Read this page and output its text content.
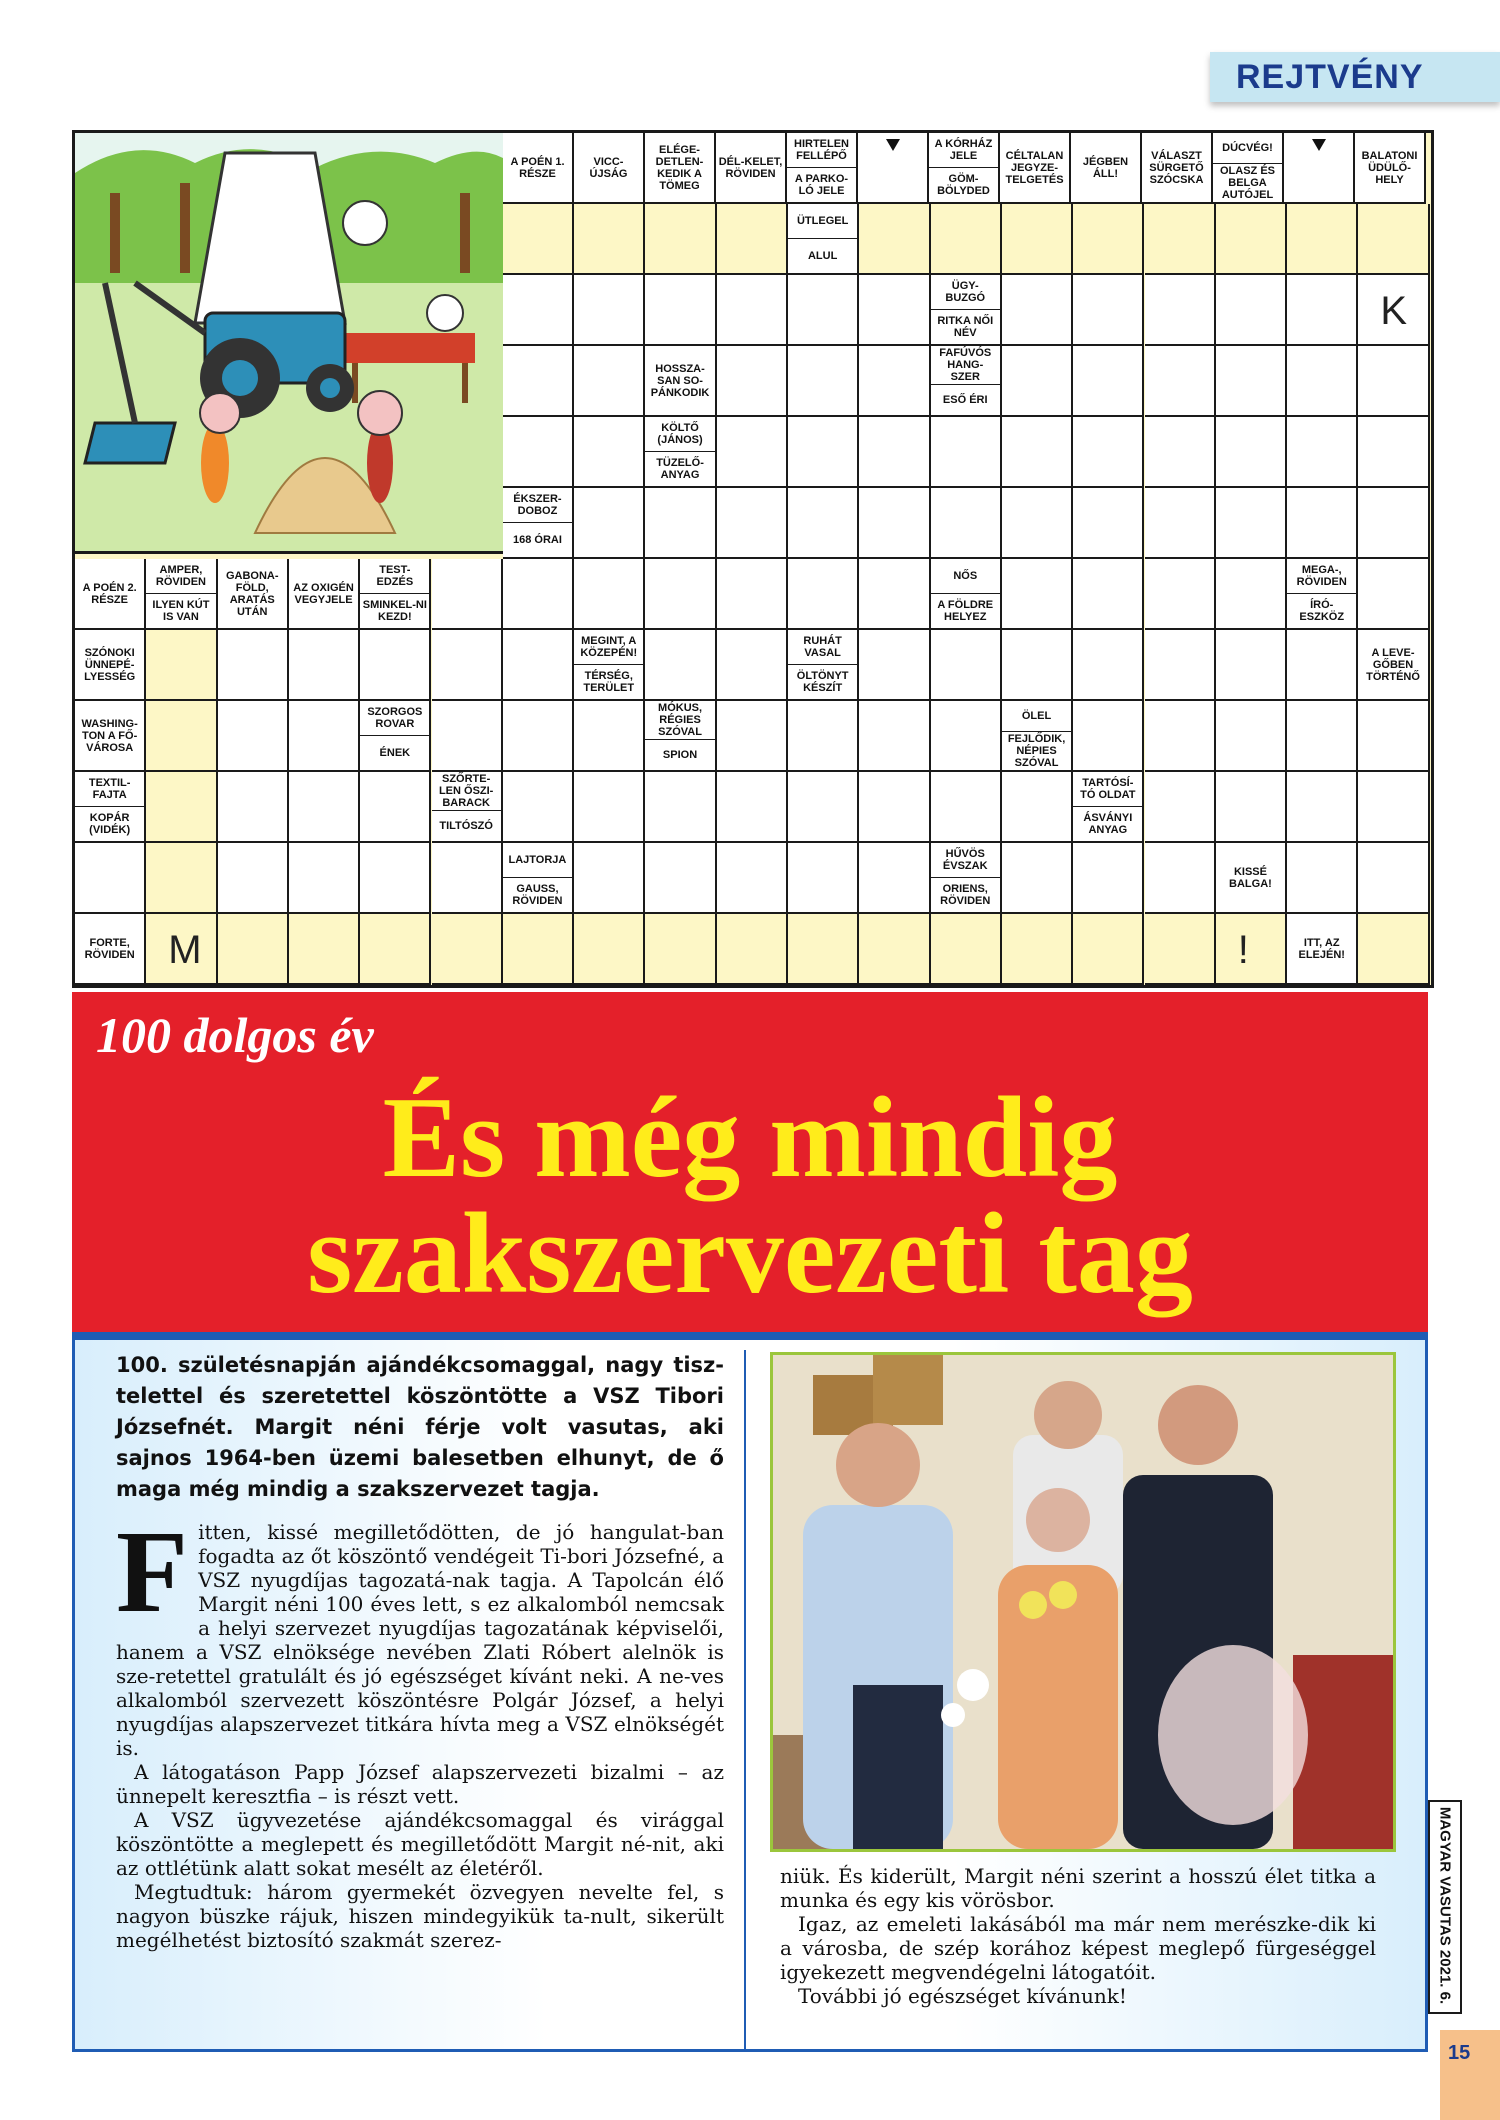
REJTVÉNY
A POÉN 1. RÉSZE
VICC-ÚJSÁG
ELÉGE-DETLEN-KEDIK A TÖMEG
DÉL-KELET, RÖVIDEN
HIRTELEN FELLÉPŐ
A PARKO-LÓ JELE
A KÓRHÁZ JELE
GÖM-BÖLYDED
CÉLTALAN JEGYZE-TELGETÉS
JÉGBEN ÁLL!
VÁLASZT SÜRGETŐ SZÓCSKA
DÚCVÉG!
OLASZ ÉS BELGA AUTÓJEL
BALATONI ÜDÜLŐ-HELY
ÜTLEGEL
ALUL
ÜGY-BUZGÓ
RITKA NŐI NÉV
HOSSZA-SAN SO-PÁNKODIK
FAFÚVÓS HANG-SZER
ESŐ ÉRI
KÖLTŐ (JÁNOS)
TÜZELŐ-ANYAG
ÉKSZER-DOBOZ
168 ÓRAI
A POÉN 2. RÉSZE
AMPER, RÖVIDEN
ILYEN KÚT IS VAN
GABONA-FÖLD, ARATÁS UTÁN
AZ OXIGÉN VEGYJELE
TEST-EDZÉS
SMINKEL-NI KEZD!
NŐS
A FÖLDRE HELYEZ
MEGA-, RÖVIDEN
ÍRÓ-ESZKÖZ
SZÓNOKI ÜNNEPÉ-LYESSÉG
MEGINT, A KÖZEPÉN!
TÉRSÉG, TERÜLET
RUHÁT VASAL
ÖLTÖNYT KÉSZÍT
A LEVE-GŐBEN TÖRTÉNŐ
WASHING-TON A FŐ-VÁROSA
SZORGOS ROVAR
ÉNEK
MÓKUS, RÉGIES SZÓVAL
SPION
ÖLEL
FEJLŐDIK, NÉPIES SZÓVAL
TEXTIL-FAJTA
KOPÁR (VIDÉK)
SZŐRTE-LEN ŐSZI-BARACK
TILTÓSZÓ
TARTÓSÍ-TÓ OLDAT
ÁSVÁNYI ANYAG
LAJTORJA
GAUSS, RÖVIDEN
HŰVÖS ÉVSZAK
ORIENS, RÖVIDEN
KISSÉ BALGA!
FORTE, RÖVIDEN
ITT, AZ ELEJÉN!
K
M	!
100 dolgos év
És még mindig
szakszervezeti tag
100. születésnapján ajándékcsomaggal, nagy tisz-telettel és szeretettel köszöntötte a VSZ Tibori Józsefnét. Margit néni férje volt vasutas, aki sajnos 1964-ben üzemi balesetben elhunyt, de ő maga még mindig a szakszervezet tagja.
F itten, kissé megilletődötten, de jó hangulat-ban fogadta az őt köszöntő vendégeit Ti-bori Józsefné, a VSZ nyugdíjas tagozatá-nak tagja. A Tapolcán élő Margit néni 100 éves lett, s ez alkalomból nemcsak a helyi szervezet nyugdíjas tagozatának képviselői, hanem a VSZ elnöksége nevében Zlati Róbert alelnök is sze-retettel gratulált és jó egészséget kívánt neki. A ne-ves alkalomból szervezett köszöntésre Polgár József, a helyi nyugdíjas alapszervezet titkára hívta meg a VSZ elnökségét is.
A látogatáson Papp József alapszervezeti bizalmi – az ünnepelt keresztfia – is részt vett.
A VSZ ügyvezetése ajándékcsomaggal és virággal köszöntötte a meglepett és megilletődött Margit né-nit, aki az ottlétünk alatt sokat mesélt az életéről.
Megtudtuk: három gyermekét özvegyen nevelte fel, s nagyon büszke rájuk, hiszen mindegyikük ta-nult, sikerült megélhetést biztosító szakmát szerez-
niük. És kiderült, Margit néni szerint a hosszú élet titka a munka és egy kis vörösbor.
Igaz, az emeleti lakásából ma már nem merészke-dik ki a városba, de szép korához képest meglepő fürgeséggel igyekezett megvendégelni látogatóit.
További jó egészséget kívánunk!	MAGYAR VASUTAS 2021. 6.
15
